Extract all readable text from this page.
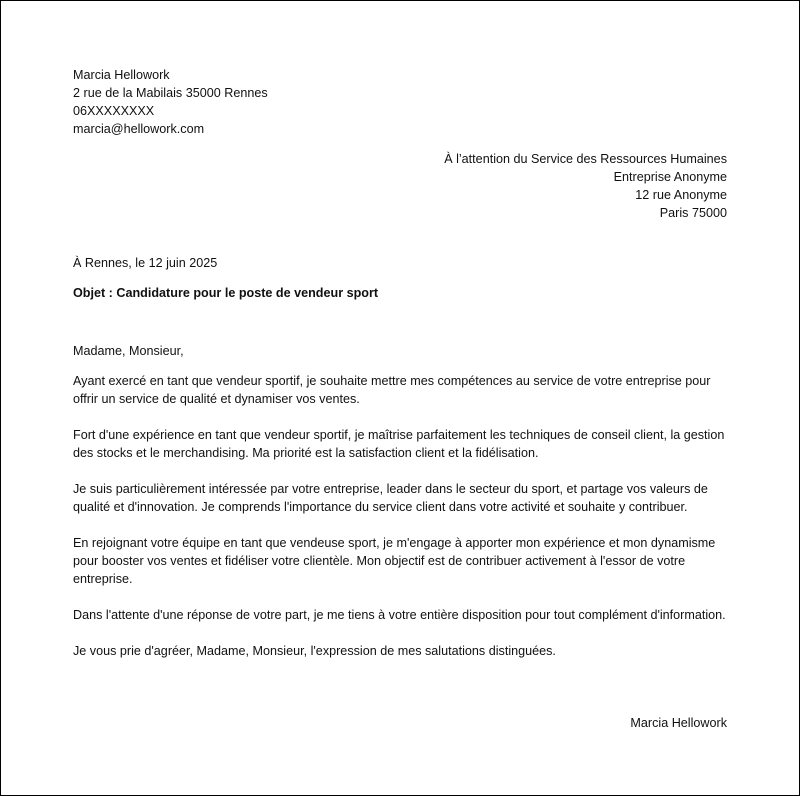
Marcia Hellowork
2 rue de la Mabilais 35000 Rennes
06XXXXXXXX
marcia@hellowork.com
À l’attention du Service des Ressources Humaines
Entreprise Anonyme
12 rue Anonyme
Paris 75000
À Rennes, le 12 juin 2025
Objet : Candidature pour le poste de vendeur sport

Madame, Monsieur,

Ayant exercé en tant que vendeur sportif, je souhaite mettre mes compétences au service de votre entreprise pour offrir un service de qualité et dynamiser vos ventes.

Fort d'une expérience en tant que vendeur sportif, je maîtrise parfaitement les techniques de conseil client, la gestion des stocks et le merchandising. Ma priorité est la satisfaction client et la fidélisation.

Je suis particulièrement intéressée par votre entreprise, leader dans le secteur du sport, et partage vos valeurs de qualité et d'innovation. Je comprends l'importance du service client dans votre activité et souhaite y contribuer.

En rejoignant votre équipe en tant que vendeuse sport, je m'engage à apporter mon expérience et mon dynamisme pour booster vos ventes et fidéliser votre clientèle. Mon objectif est de contribuer activement à l'essor de votre entreprise.

Dans l'attente d'une réponse de votre part, je me tiens à votre entière disposition pour tout complément d'information.

Je vous prie d'agréer, Madame, Monsieur, l'expression de mes salutations distinguées.

Marcia Hellowork
